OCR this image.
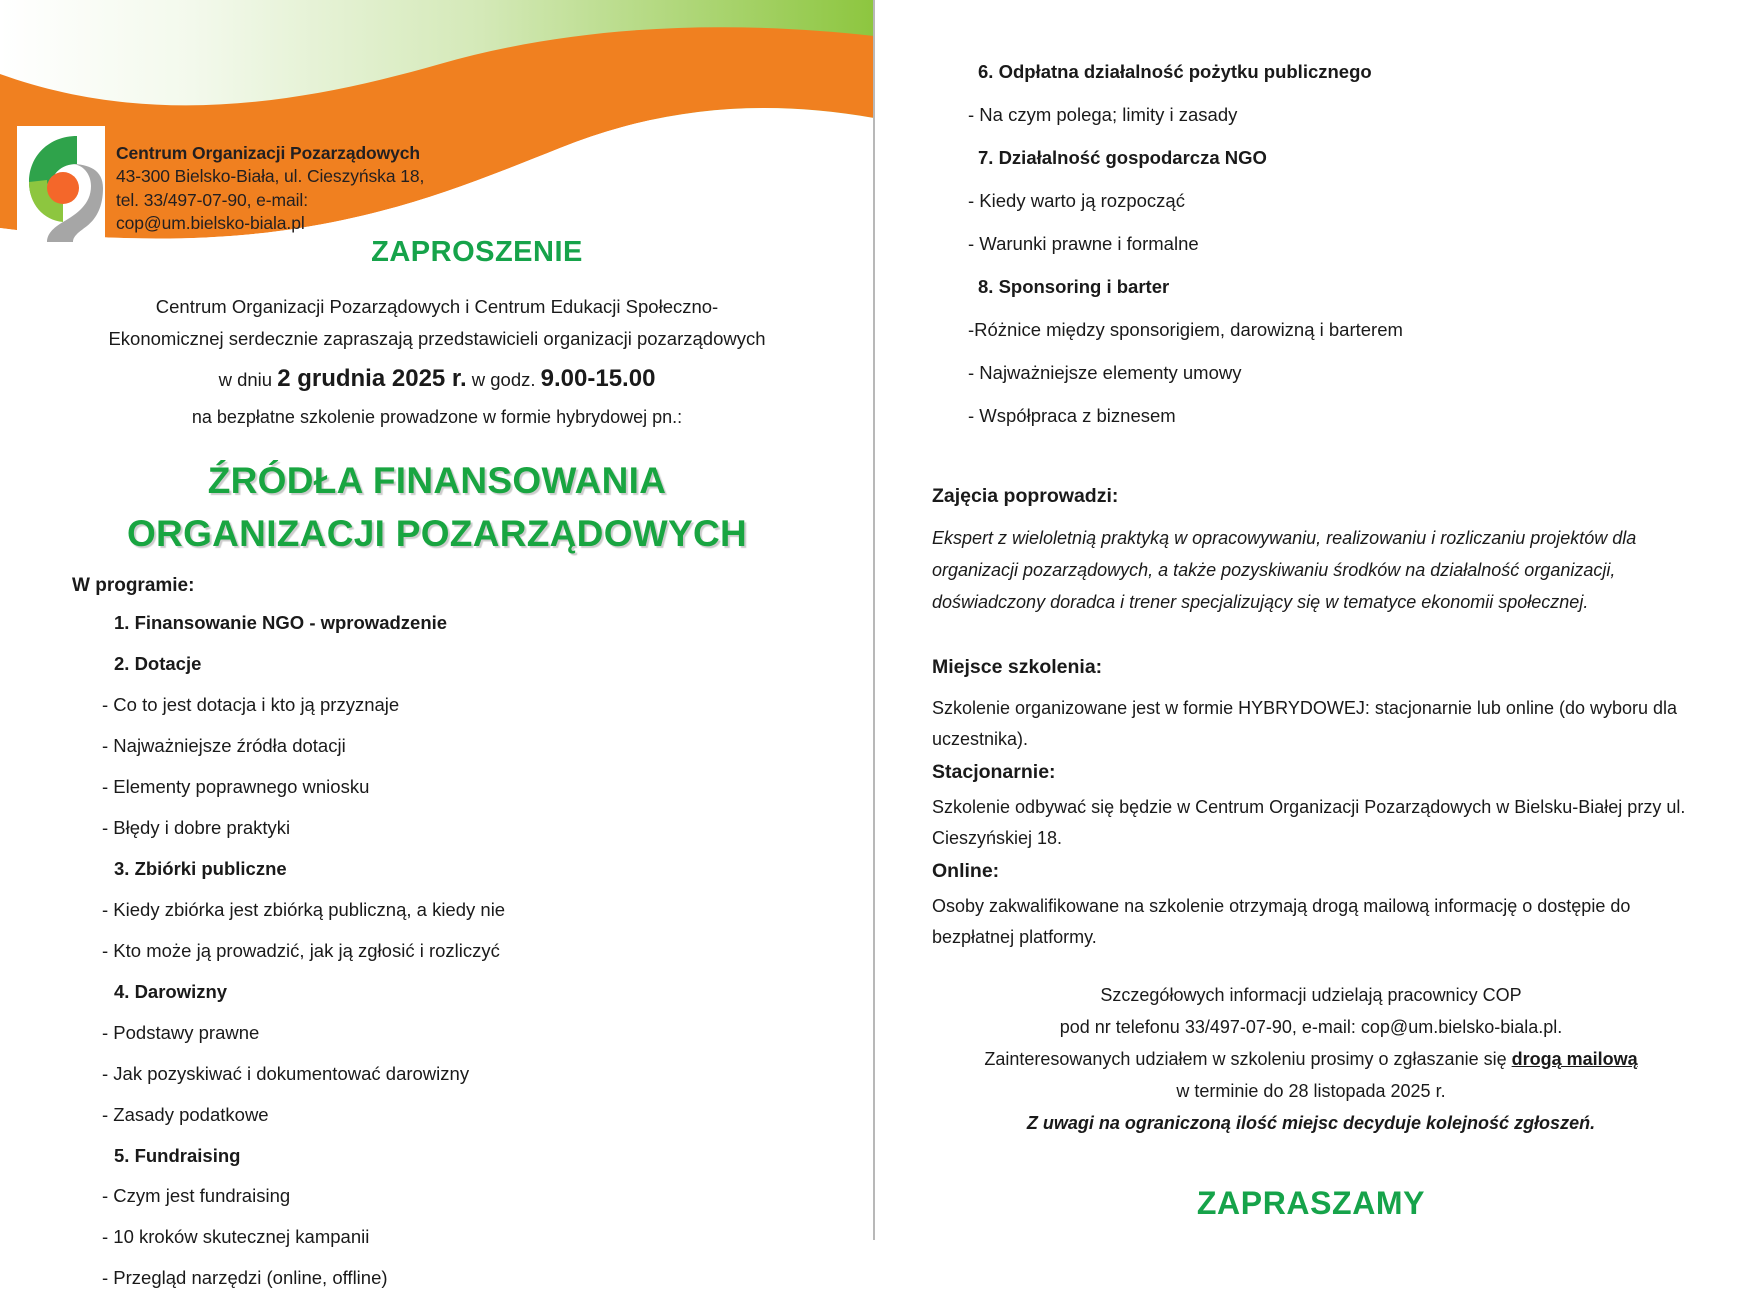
Centrum Organizacji Pozarządowych
43-300 Bielsko-Biała, ul. Cieszyńska 18,
tel. 33/497-07-90, e-mail:
cop@um.bielsko-biala.pl
ZAPROSZENIE
Centrum Organizacji Pozarządowych i Centrum Edukacji Społeczno-
Ekonomicznej serdecznie zapraszają przedstawicieli organizacji pozarządowych
w dniu 2 grudnia 2025 r. w godz. 9.00-15.00
na bezpłatne szkolenie prowadzone w formie hybrydowej pn.:
ŹRÓDŁA FINANSOWANIA
ORGANIZACJI POZARZĄDOWYCH
W programie:
1. Finansowanie NGO - wprowadzenie
2. Dotacje
- Co to jest dotacja i kto ją przyznaje
- Najważniejsze źródła dotacji
- Elementy poprawnego wniosku
- Błędy i dobre praktyki
3. Zbiórki publiczne
- Kiedy zbiórka jest zbiórką publiczną, a kiedy nie
- Kto może ją prowadzić, jak ją zgłosić i rozliczyć
4. Darowizny
- Podstawy prawne
- Jak pozyskiwać i dokumentować darowizny
- Zasady podatkowe
5. Fundraising
- Czym jest fundraising
- 10 kroków skutecznej kampanii
- Przegląd narzędzi (online, offline)
6. Odpłatna działalność pożytku publicznego
- Na czym polega; limity i zasady
7. Działalność gospodarcza NGO
- Kiedy warto ją rozpocząć
- Warunki prawne i formalne
8. Sponsoring i barter
-Różnice między sponsorigiem, darowizną i barterem
- Najważniejsze elementy umowy
- Współpraca z biznesem
Zajęcia poprowadzi:

Ekspert z wieloletnią praktyką w opracowywaniu, realizowaniu i rozliczaniu projektów dla organizacji pozarządowych, a także pozyskiwaniu środków na działalność organizacji, doświadczony doradca i trener specjalizujący się w tematyce ekonomii społecznej.

Miejsce szkolenia:

Szkolenie organizowane jest w formie HYBRYDOWEJ: stacjonarnie lub online (do wyboru dla uczestnika).

Stacjonarnie:

Szkolenie odbywać się będzie w Centrum Organizacji Pozarządowych w Bielsku-Białej przy ul. Cieszyńskiej 18.

Online:

Osoby zakwalifikowane na szkolenie otrzymają drogą mailową informację o dostępie do bezpłatnej platformy.

Szczegółowych informacji udzielają pracownicy COP
pod nr telefonu 33/497-07-90, e-mail: cop@um.bielsko-biala.pl.
Zainteresowanych udziałem w szkoleniu prosimy o zgłaszanie się drogą mailową
w terminie do 28 listopada 2025 r.
Z uwagi na ograniczoną ilość miejsc decyduje kolejność zgłoszeń.
ZAPRASZAMY
